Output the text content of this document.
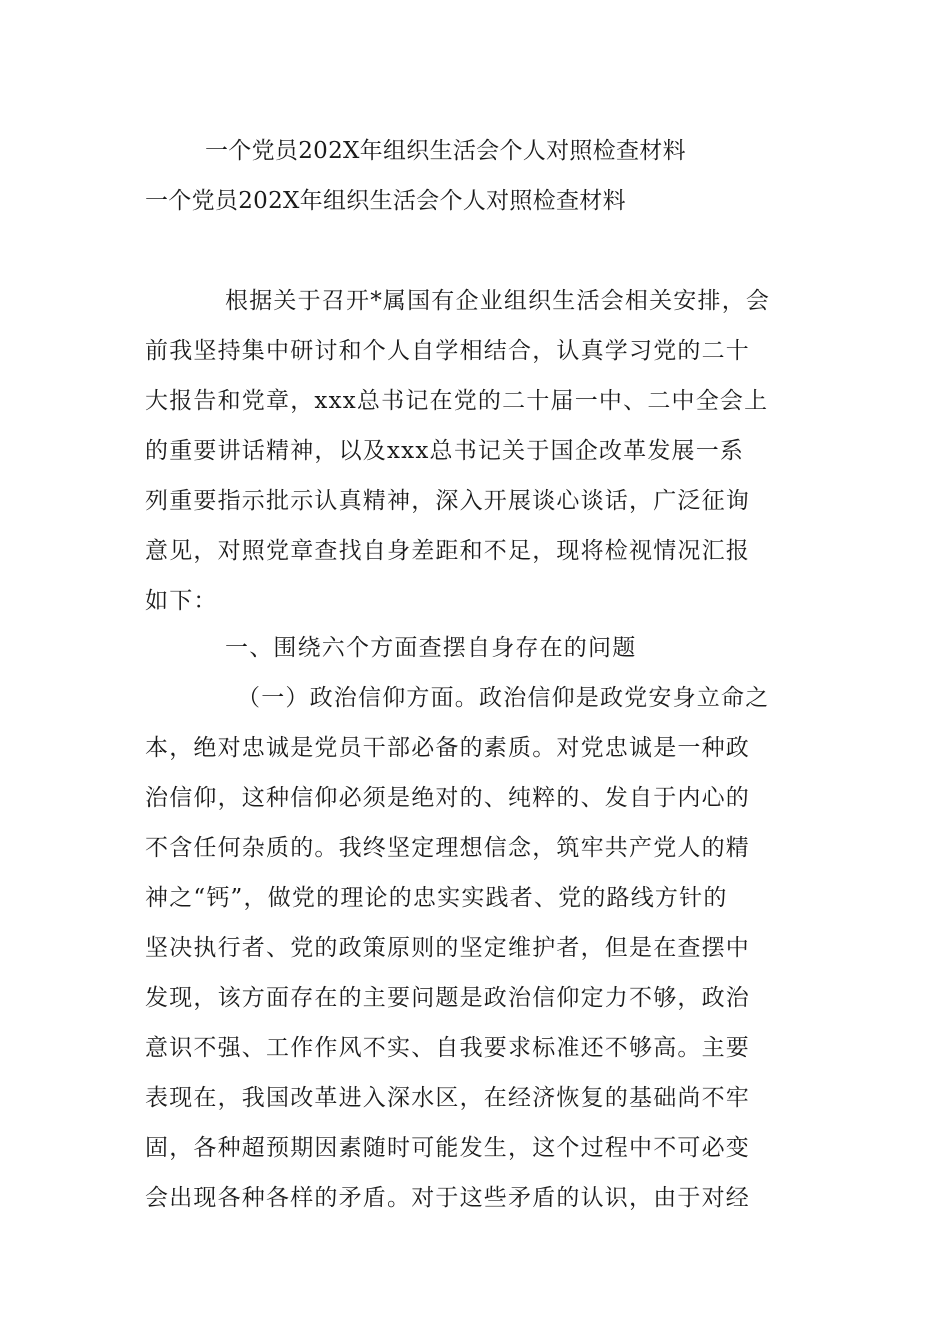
一个党员202X年组织生活会个人对照检查材料
一个党员202X年组织生活会个人对照检查材料
根据关于召开*属国有企业组织生活会相关安排，会
前我坚持集中研讨和个人自学相结合，认真学习党的二十
大报告和党章，xxx总书记在党的二十届一中、二中全会上
的重要讲话精神，以及xxx总书记关于国企改革发展一系
列重要指示批示认真精神，深入开展谈心谈话，广泛征询
意见，对照党章查找自身差距和不足，现将检视情况汇报
如下：
一、围绕六个方面查摆自身存在的问题
（一）政治信仰方面。政治信仰是政党安身立命之
本，绝对忠诚是党员干部必备的素质。对党忠诚是一种政
治信仰，这种信仰必须是绝对的、纯粹的、发自于内心的
不含任何杂质的。我终坚定理想信念，筑牢共产党人的精
神之“钙”，做党的理论的忠实实践者、党的路线方针的
坚决执行者、党的政策原则的坚定维护者，但是在查摆中
发现，该方面存在的主要问题是政治信仰定力不够，政治
意识不强、工作作风不实、自我要求标准还不够高。主要
表现在，我国改革进入深水区，在经济恢复的基础尚不牢
固，各种超预期因素随时可能发生，这个过程中不可必变
会出现各种各样的矛盾。对于这些矛盾的认识，由于对经
